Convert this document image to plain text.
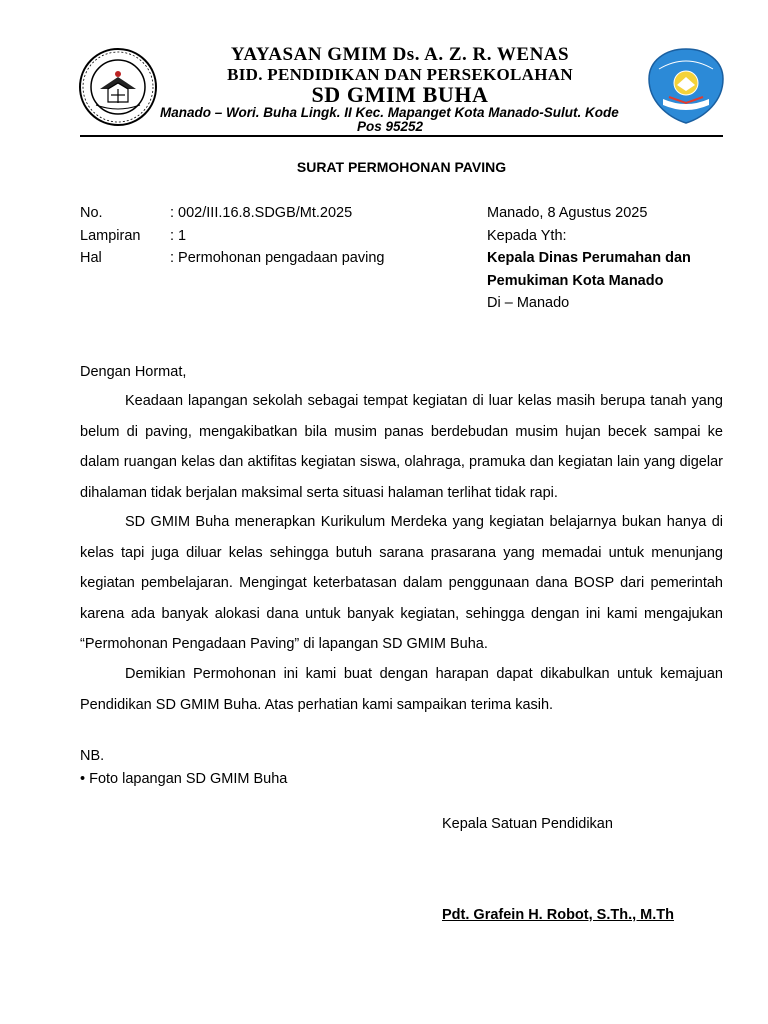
YAYASAN GMIM Ds. A. Z. R. WENAS
BID. PENDIDIKAN DAN PERSEKOLAHAN
SD GMIM BUHA
Manado – Wori. Buha Lingk. II Kec. Mapanget Kota Manado-Sulut. Kode
Pos 95252
SURAT PERMOHONAN PAVING
No.	: 002/III.16.8.SDGB/Mt.2025
Lampiran : 1
Hal	: Permohonan pengadaan paving
Manado, 8 Agustus 2025
Kepada Yth:
Kepala Dinas Perumahan dan
Pemukiman Kota Manado
Di – Manado
Dengan Hormat,

Keadaan lapangan sekolah sebagai tempat kegiatan di luar kelas masih berupa tanah yang belum di paving, mengakibatkan bila musim panas berdebudan musim hujan becek sampai ke dalam ruangan kelas dan aktifitas kegiatan siswa, olahraga, pramuka dan kegiatan lain yang digelar dihalaman tidak berjalan maksimal serta situasi halaman terlihat tidak rapi.

SD GMIM Buha menerapkan Kurikulum Merdeka yang kegiatan belajarnya bukan hanya di kelas tapi juga diluar kelas sehingga butuh sarana prasarana yang memadai untuk menunjang kegiatan pembelajaran. Mengingat keterbatasan dalam penggunaan dana BOSP dari pemerintah karena ada banyak alokasi dana untuk banyak kegiatan, sehingga dengan ini kami mengajukan “Permohonan Pengadaan Paving” di lapangan SD GMIM Buha.

Demikian Permohonan ini kami buat dengan harapan dapat dikabulkan untuk kemajuan Pendidikan SD GMIM Buha. Atas perhatian kami sampaikan terima kasih.

NB.
• Foto lapangan SD GMIM Buha
Kepala Satuan Pendidikan
Pdt. Grafein H. Robot, S.Th., M.Th
